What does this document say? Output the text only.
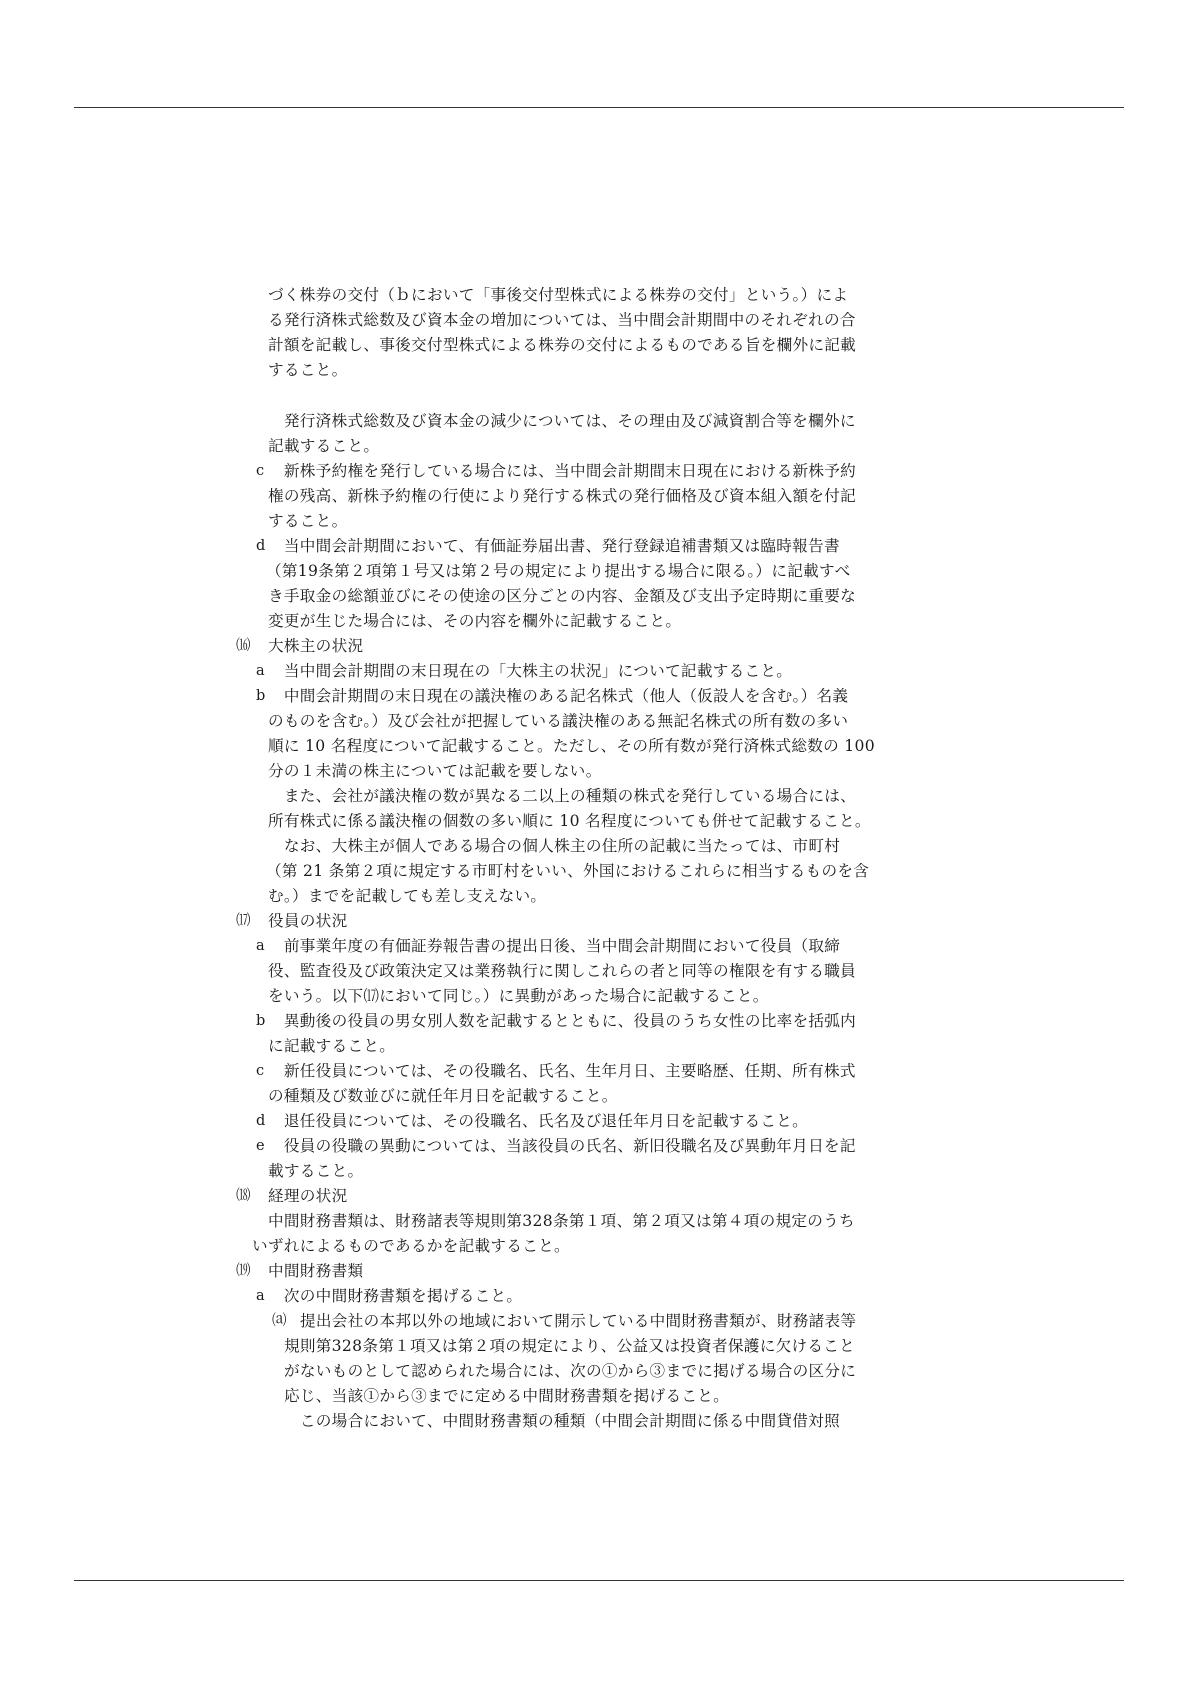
づく株券の交付（ｂにおいて「事後交付型株式による株券の交付」という。）によ
る発行済株式総数及び資本金の増加については、当中間会計期間中のそれぞれの合
計額を記載し、事後交付型株式による株券の交付によるものである旨を欄外に記載
すること。
　発行済株式総数及び資本金の減少については、その理由及び減資割合等を欄外に
記載すること。
c 　新株予約権を発行している場合には、当中間会計期間末日現在における新株予約
権の残高、新株予約権の行使により発行する株式の発行価格及び資本組入額を付記
すること。
d 　当中間会計期間において、有価証券届出書、発行登録追補書類又は臨時報告書
（第19条第２項第１号又は第２号の規定により提出する場合に限る。）に記載すべ
き手取金の総額並びにその使途の区分ごとの内容、金額及び支出予定時期に重要な
変更が生じた場合には、その内容を欄外に記載すること。
⒃ 大株主の状況
a 　当中間会計期間の末日現在の「大株主の状況」について記載すること。
b 　中間会計期間の末日現在の議決権のある記名株式（他人（仮設人を含む。）名義
のものを含む。）及び会社が把握している議決権のある無記名株式の所有数の多い
順に 10 名程度について記載すること。ただし、その所有数が発行済株式総数の 100
分の１未満の株主については記載を要しない。
　また、会社が議決権の数が異なる二以上の種類の株式を発行している場合には、
所有株式に係る議決権の個数の多い順に 10 名程度についても併せて記載すること。
　なお、大株主が個人である場合の個人株主の住所の記載に当たっては、市町村
（第 21 条第２項に規定する市町村をいい、外国におけるこれらに相当するものを含
む。）までを記載しても差し支えない。
⒄ 役員の状況
a 　前事業年度の有価証券報告書の提出日後、当中間会計期間において役員（取締
役、監査役及び政策決定又は業務執行に関しこれらの者と同等の権限を有する職員
をいう。以下⒄において同じ。）に異動があった場合に記載すること。
b 　異動後の役員の男女別人数を記載するとともに、役員のうち女性の比率を括弧内
に記載すること。
c 　新任役員については、その役職名、氏名、生年月日、主要略歴、任期、所有株式
の種類及び数並びに就任年月日を記載すること。
d 　退任役員については、その役職名、氏名及び退任年月日を記載すること。
e 　役員の役職の異動については、当該役員の氏名、新旧役職名及び異動年月日を記
載すること。
⒅ 経理の状況
中間財務書類は、財務諸表等規則第328条第１項、第２項又は第４項の規定のうち
いずれによるものであるかを記載すること。
⒆ 中間財務書類
a 　次の中間財務書類を掲げること。
⒜ 提出会社の本邦以外の地域において開示している中間財務書類が、財務諸表等
規則第328条第１項又は第２項の規定により、公益又は投資者保護に欠けること
がないものとして認められた場合には、次の①から③までに掲げる場合の区分に
応じ、当該①から③までに定める中間財務書類を掲げること。
　この場合において、中間財務書類の種類（中間会計期間に係る中間貸借対照
